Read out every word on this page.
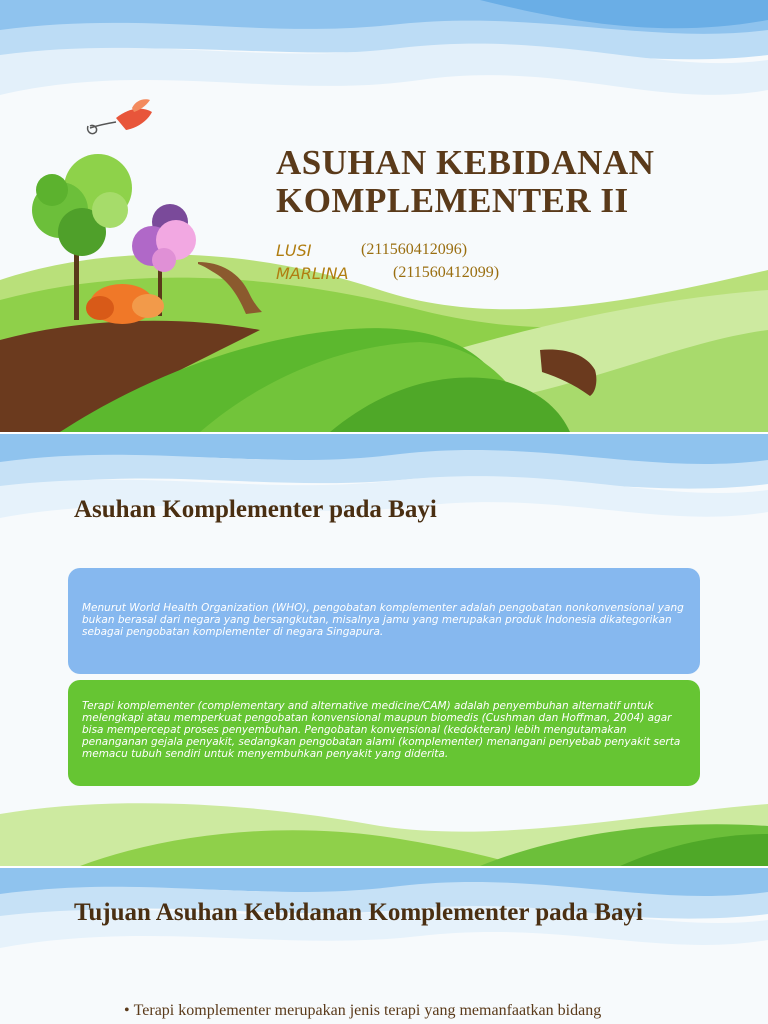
ASUHAN KEBIDANAN
KOMPLEMENTER II
LUSI	(211560412096)
MARLINA	(211560412099)
Asuhan Komplementer pada Bayi
Menurut World Health Organization (WHO), pengobatan komplementer adalah pengobatan nonkonvensional yang bukan berasal dari negara yang bersangkutan, misalnya jamu yang merupakan produk Indonesia dikategorikan sebagai pengobatan komplementer di negara Singapura.
Terapi komplementer (complementary and alternative medicine/CAM) adalah penyembuhan alternatif untuk melengkapi atau memperkuat pengobatan konvensional maupun biomedis (Cushman dan Hoffman, 2004) agar bisa mempercepat proses penyembuhan. Pengobatan konvensional (kedokteran) lebih mengutamakan penanganan gejala penyakit, sedangkan pengobatan alami (komplementer) menangani penyebab penyakit serta memacu tubuh sendiri untuk menyembuhkan penyakit yang diderita.
Tujuan Asuhan Kebidanan Komplementer pada Bayi
• Terapi komplementer merupakan jenis terapi yang memanfaatkan bidang
